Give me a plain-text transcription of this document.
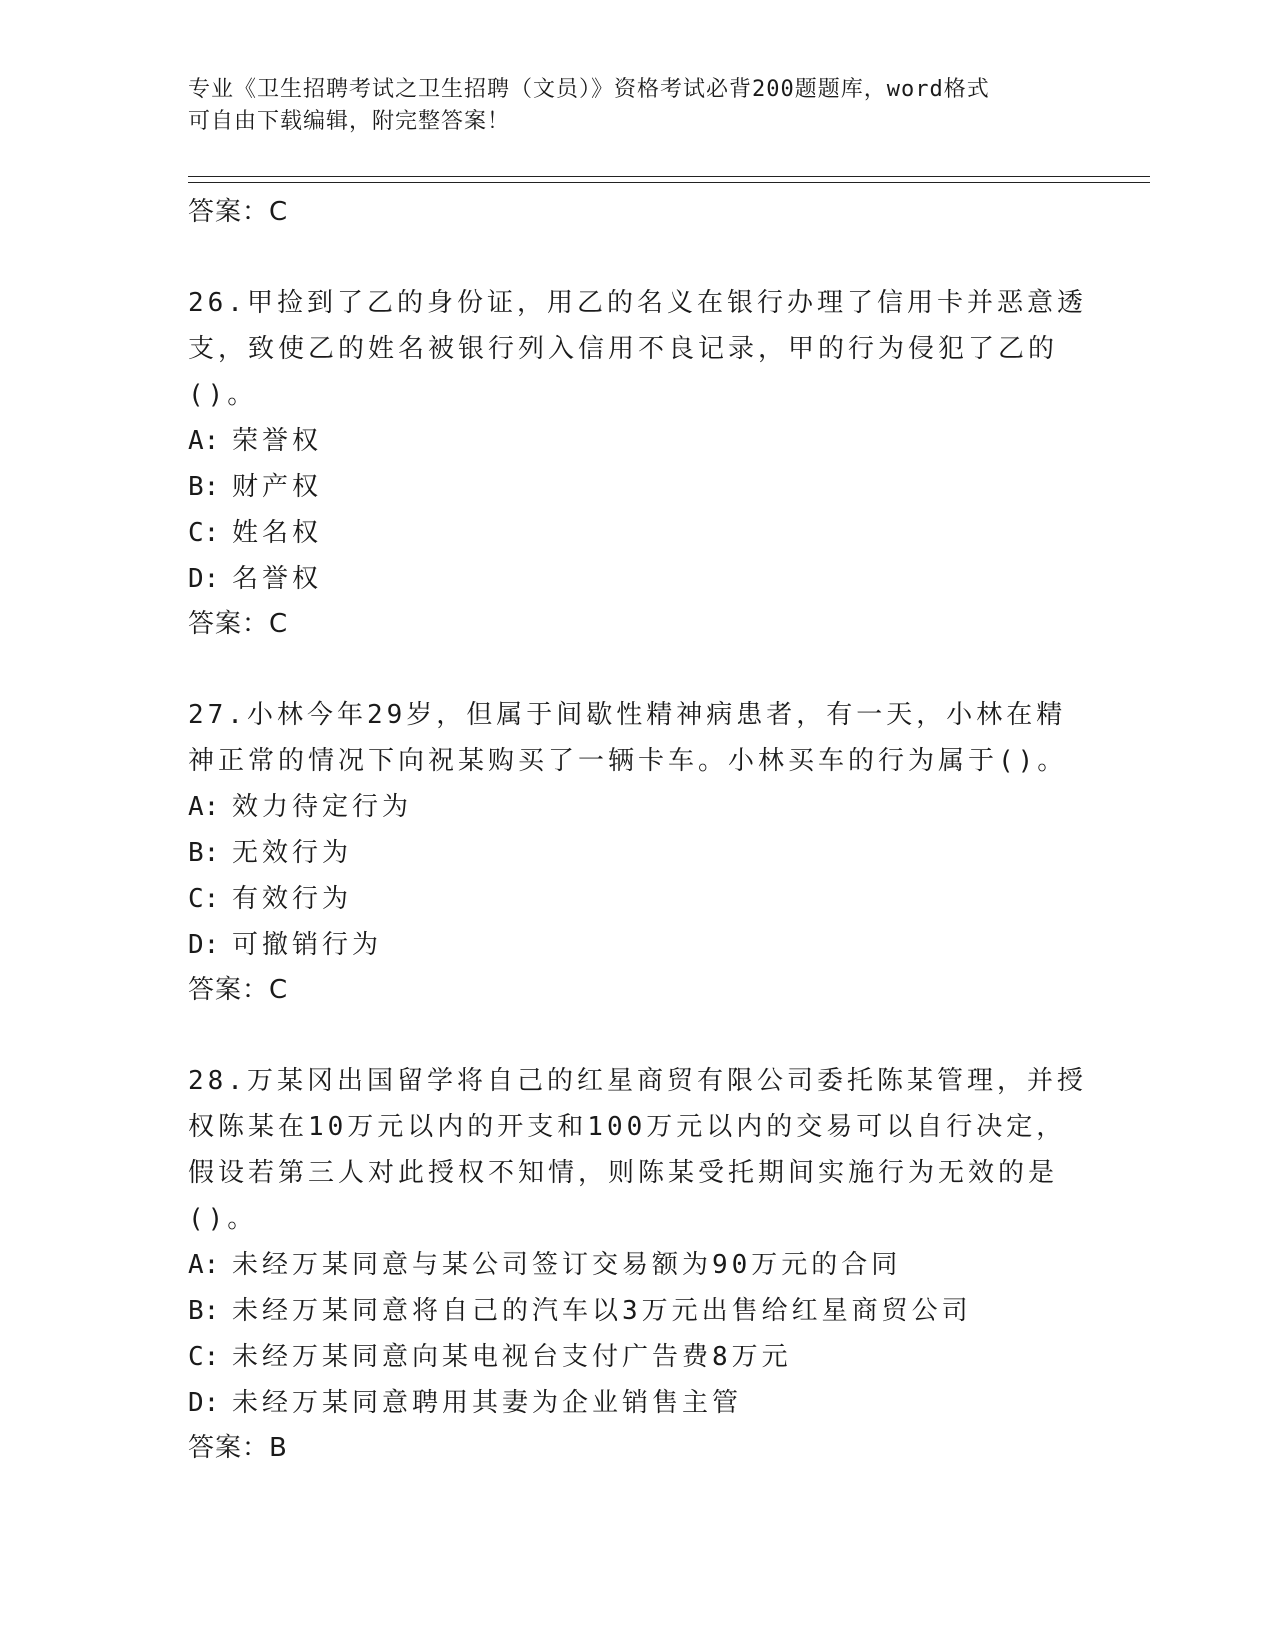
专业《卫生招聘考试之卫生招聘（文员）》资格考试必背200题题库，word格式
可自由下载编辑，附完整答案！
答案：C
26.甲捡到了乙的身份证，用乙的名义在银行办理了信用卡并恶意透支，致使乙的姓名被银行列入信用不良记录，甲的行为侵犯了乙的()。
A: 荣誉权
B: 财产权
C: 姓名权
D: 名誉权
答案：C
27.小林今年29岁，但属于间歇性精神病患者，有一天，小林在精神正常的情况下向祝某购买了一辆卡车。小林买车的行为属于()。
A: 效力待定行为
B: 无效行为
C: 有效行为
D: 可撤销行为
答案：C
28.万某冈出国留学将自己的红星商贸有限公司委托陈某管理，并授权陈某在10万元以内的开支和100万元以内的交易可以自行决定，假设若第三人对此授权不知情，则陈某受托期间实施行为无效的是()。
A: 未经万某同意与某公司签订交易额为90万元的合同
B: 未经万某同意将自己的汽车以3万元出售给红星商贸公司
C: 未经万某同意向某电视台支付广告费8万元
D: 未经万某同意聘用其妻为企业销售主管
答案：B
